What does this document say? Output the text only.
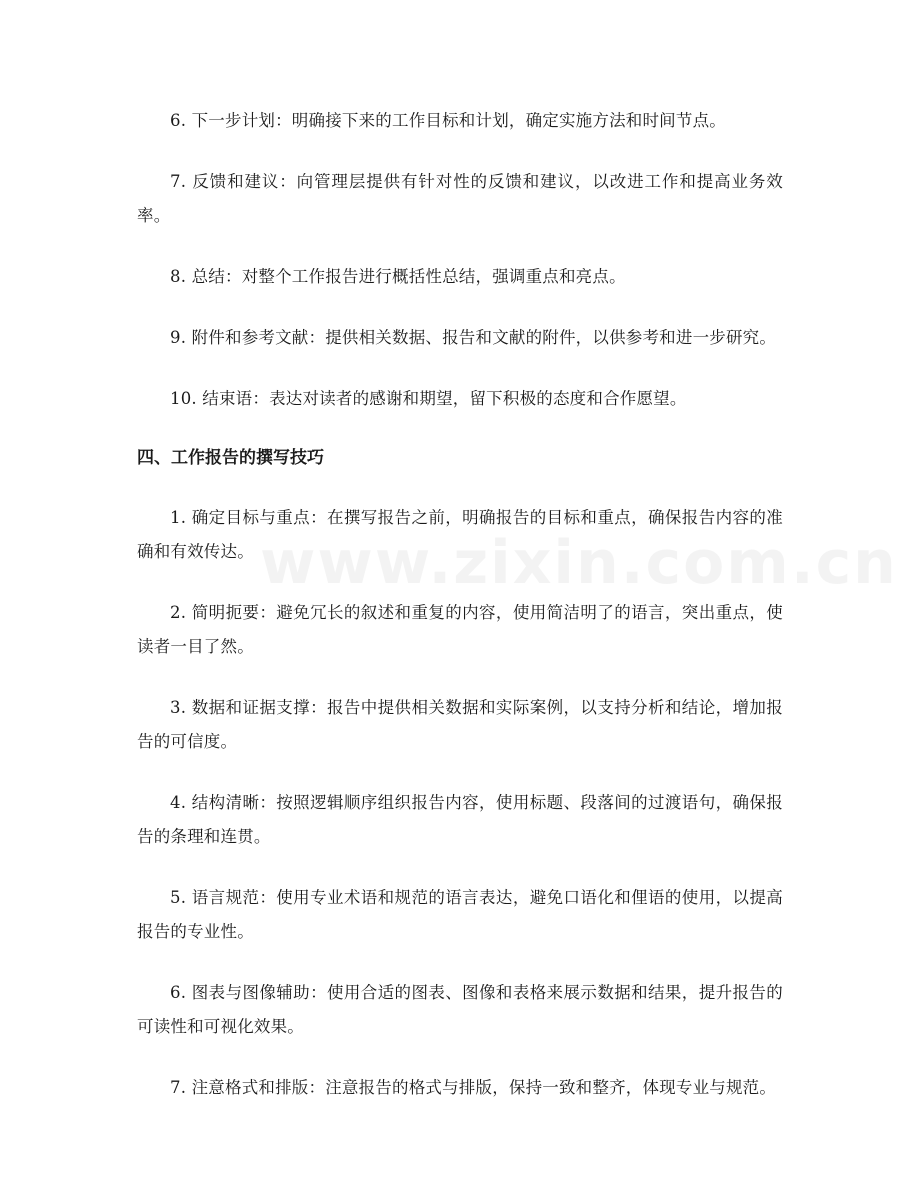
www.zixin.com.cn

6. 下一步计划：明确接下来的工作目标和计划，确定实施方法和时间节点。

7. 反馈和建议：向管理层提供有针对性的反馈和建议，以改进工作和提高业务效率。

8. 总结：对整个工作报告进行概括性总结，强调重点和亮点。

9. 附件和参考文献：提供相关数据、报告和文献的附件，以供参考和进一步研究。

10. 结束语：表达对读者的感谢和期望，留下积极的态度和合作愿望。

四、工作报告的撰写技巧

1. 确定目标与重点：在撰写报告之前，明确报告的目标和重点，确保报告内容的准确和有效传达。

2. 简明扼要：避免冗长的叙述和重复的内容，使用简洁明了的语言，突出重点，使读者一目了然。

3. 数据和证据支撑：报告中提供相关数据和实际案例，以支持分析和结论，增加报告的可信度。

4. 结构清晰：按照逻辑顺序组织报告内容，使用标题、段落间的过渡语句，确保报告的条理和连贯。

5. 语言规范：使用专业术语和规范的语言表达，避免口语化和俚语的使用，以提高报告的专业性。

6. 图表与图像辅助：使用合适的图表、图像和表格来展示数据和结果，提升报告的可读性和可视化效果。

7. 注意格式和排版：注意报告的格式与排版，保持一致和整齐，体现专业与规范。
